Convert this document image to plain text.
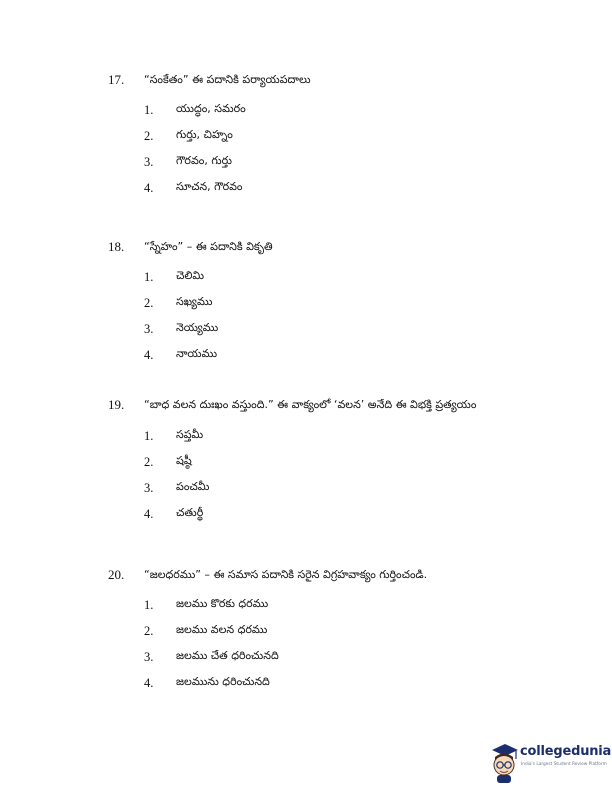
17.	“సంకేతం” ఈ పదానికి పర్యాయపదాలు
1.	యుద్ధం, సమరం
2.	గుర్తు, చిహ్నం
3.	గౌరవం, గుర్తు
4.	సూచన, గౌరవం
18.	“స్నేహం” – ఈ పదానికి వికృతి
1.	చెలిమి
2.	సఖ్యము
3.	నెయ్యము
4.	నాయము
19.	“బాధ వలన దుఃఖం వస్తుంది.” ఈ వాక్యంలో ‘వలన’ అనేది ఈ విభక్తి ప్రత్యయం
1.	సప్తమీ
2.	షష్ఠీ
3.	పంచమీ
4.	చతుర్థీ
20.	“జలధరము” – ఈ సమాస పదానికి సరైన విగ్రహవాక్యం గుర్తించండి.
1.	జలము కొరకు ధరము
2.	జలము వలన ధరము
3.	జలము చేత ధరించునది
4.	జలమును ధరించునది
collegedunia
India's Largest Student Review Platform
